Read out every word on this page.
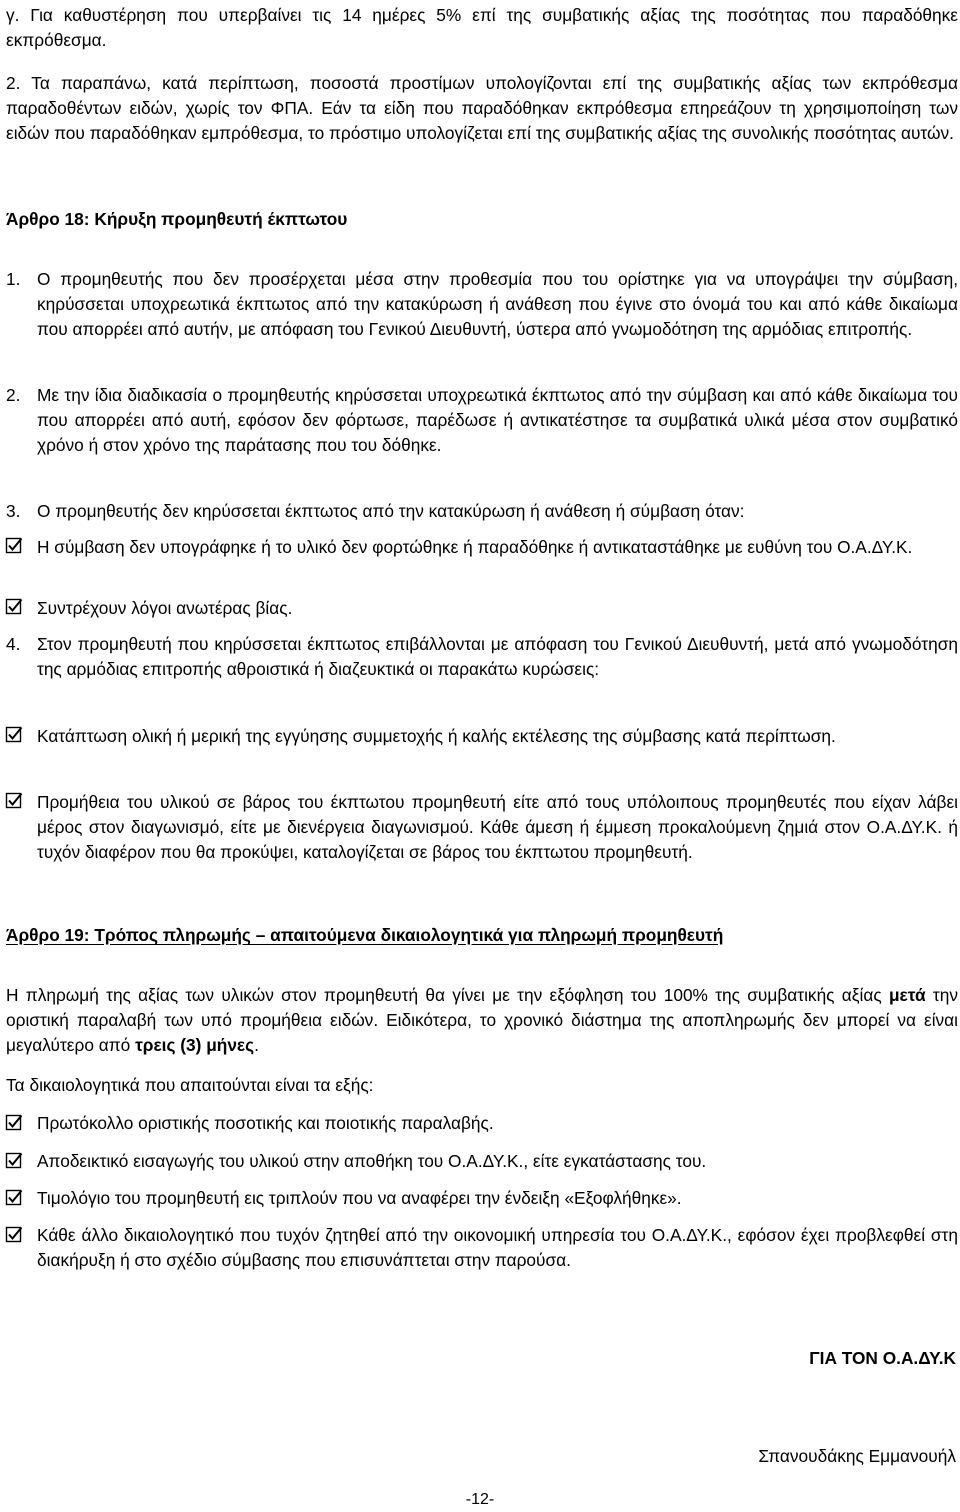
γ. Για καθυστέρηση που υπερβαίνει τις 14 ημέρες 5% επί της συμβατικής αξίας της ποσότητας που παραδόθηκε εκπρόθεσμα.

2. Τα παραπάνω, κατά περίπτωση, ποσοστά προστίμων υπολογίζονται επί της συμβατικής αξίας των εκπρόθεσμα παραδοθέντων ειδών, χωρίς τον ΦΠΑ. Εάν τα είδη που παραδόθηκαν εκπρόθεσμα επηρεάζουν τη χρησιμοποίηση των ειδών που παραδόθηκαν εμπρόθεσμα, το πρόστιμο υπολογίζεται επί της συμβατικής αξίας της συνολικής ποσότητας αυτών.

Άρθρο 18: Κήρυξη προμηθευτή έκπτωτου

1. Ο προμηθευτής που δεν προσέρχεται μέσα στην προθεσμία που του ορίστηκε για να υπογράψει την σύμβαση, κηρύσσεται υποχρεωτικά έκπτωτος από την κατακύρωση ή ανάθεση που έγινε στο όνομά του και από κάθε δικαίωμα που απορρέει από αυτήν, με απόφαση του Γενικού Διευθυντή, ύστερα από γνωμοδότηση της αρμόδιας επιτροπής.

2. Με την ίδια διαδικασία ο προμηθευτής κηρύσσεται υποχρεωτικά έκπτωτος από την σύμβαση και από κάθε δικαίωμα του που απορρέει από αυτή, εφόσον δεν φόρτωσε, παρέδωσε ή αντικατέστησε τα συμβατικά υλικά μέσα στον συμβατικό χρόνο ή στον χρόνο της παράτασης που του δόθηκε.

3. Ο προμηθευτής δεν κηρύσσεται έκπτωτος από την κατακύρωση ή ανάθεση ή σύμβαση όταν:

Η σύμβαση δεν υπογράφηκε ή το υλικό δεν φορτώθηκε ή παραδόθηκε ή αντικαταστάθηκε με ευθύνη του Ο.Α.ΔΥ.Κ.

Συντρέχουν λόγοι ανωτέρας βίας.

4. Στον προμηθευτή που κηρύσσεται έκπτωτος επιβάλλονται με απόφαση του Γενικού Διευθυντή, μετά από γνωμοδότηση της αρμόδιας επιτροπής αθροιστικά ή διαζευκτικά οι παρακάτω κυρώσεις:

Κατάπτωση ολική ή μερική της εγγύησης συμμετοχής ή καλής εκτέλεσης της σύμβασης κατά περίπτωση.

Προμήθεια του υλικού σε βάρος του έκπτωτου προμηθευτή είτε από τους υπόλοιπους προμηθευτές που είχαν λάβει μέρος στον διαγωνισμό, είτε με διενέργεια διαγωνισμού. Κάθε άμεση ή έμμεση προκαλούμενη ζημιά στον Ο.Α.ΔΥ.Κ. ή τυχόν διαφέρον που θα προκύψει, καταλογίζεται σε βάρος του έκπτωτου προμηθευτή.

Άρθρο 19: Τρόπος πληρωμής – απαιτούμενα δικαιολογητικά για πληρωμή προμηθευτή

Η πληρωμή της αξίας των υλικών στον προμηθευτή θα γίνει με την εξόφληση του 100% της συμβατικής αξίας μετά την οριστική παραλαβή των υπό προμήθεια ειδών. Ειδικότερα, το χρονικό διάστημα της αποπληρωμής δεν μπορεί να είναι μεγαλύτερο από τρεις (3) μήνες.

Τα δικαιολογητικά που απαιτούνται είναι τα εξής:

Πρωτόκολλο οριστικής ποσοτικής και ποιοτικής παραλαβής.

Αποδεικτικό εισαγωγής του υλικού στην αποθήκη του Ο.Α.ΔΥ.Κ., είτε εγκατάστασης του.

Τιμολόγιο του προμηθευτή εις τριπλούν που να αναφέρει την ένδειξη «Εξοφλήθηκε».

Κάθε άλλο δικαιολογητικό που τυχόν ζητηθεί από την οικονομική υπηρεσία του Ο.Α.ΔΥ.Κ., εφόσον έχει προβλεφθεί στη διακήρυξη ή στο σχέδιο σύμβασης που επισυνάπτεται στην παρούσα.

ΓΙΑ ΤΟΝ Ο.Α.ΔΥ.Κ

Σπανουδάκης Εμμανουήλ

-12-
